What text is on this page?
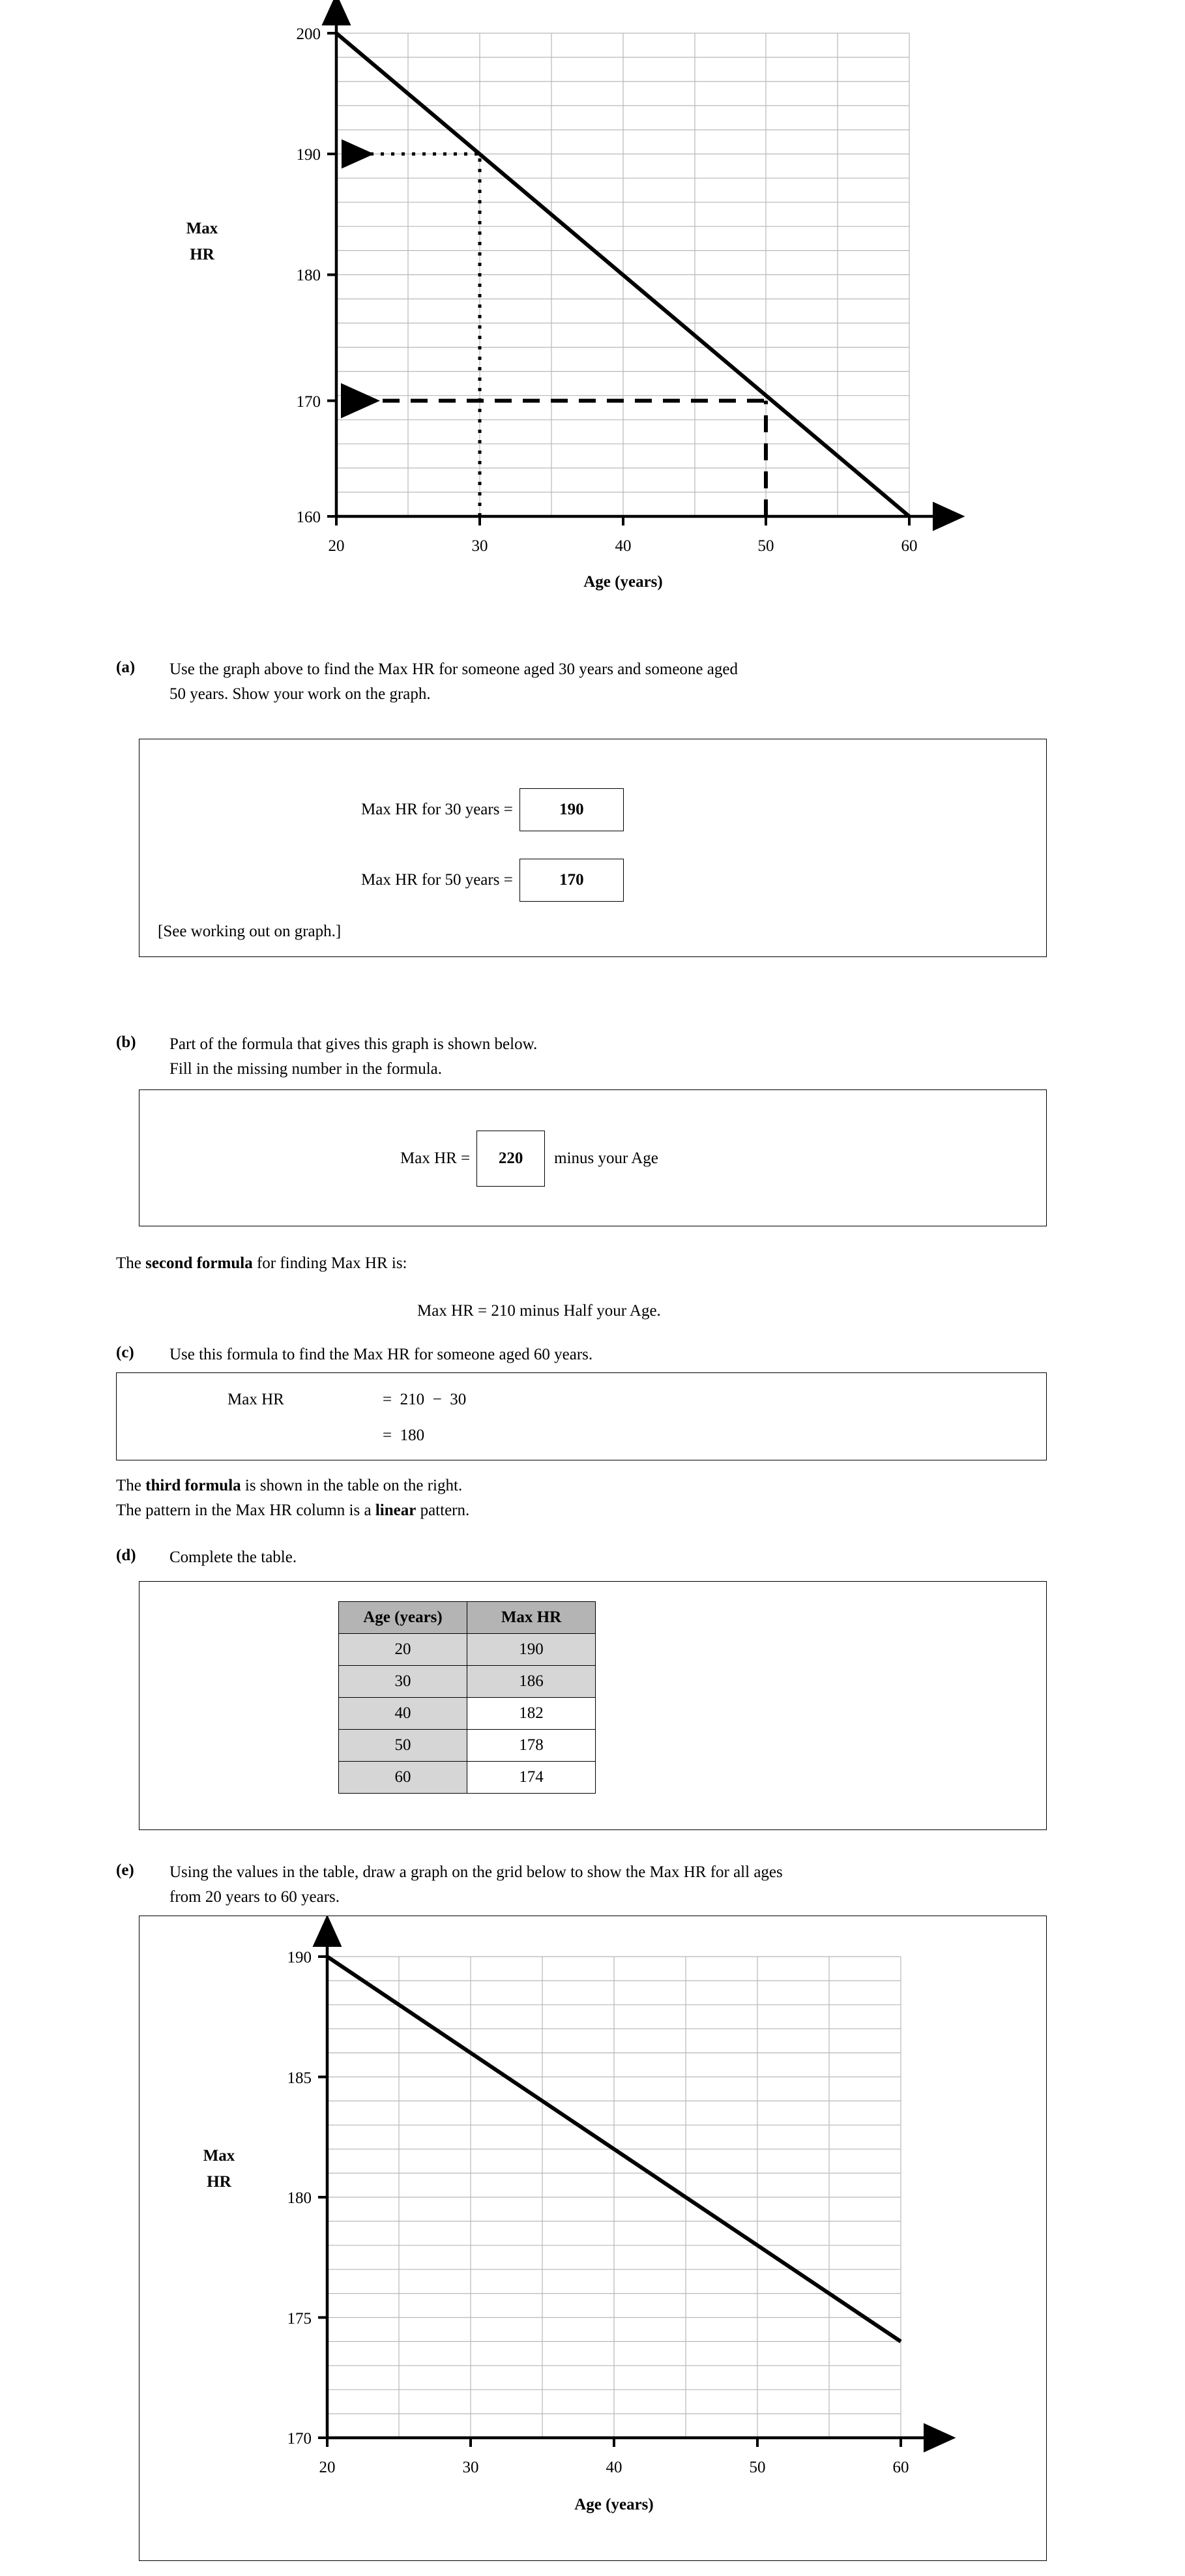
160
170
180
190
200
20	30	40	50	60
Max
HR
Age (years)
(a) Use the graph above to find the Max HR for someone aged 30 years and someone aged
50 years. Show your work on the graph.
Max HR for 30 years =	190
Max HR for 50 years =	170
[See working out on graph.]
(b) Part of the formula that gives this graph is shown below.
Fill in the missing number in the formula.
Max HR =	220	minus your Age
The second formula for finding Max HR is:
Max HR = 210 minus Half your Age.
(c) Use this formula to find the Max HR for someone aged 60 years.
Max HR	=  210  −  30
=  180
The third formula is shown in the table on the right.
The pattern in the Max HR column is a linear pattern.
(d) Complete the table.
Age (years)	Max HR
20	190
30	186
40	182
50	178
60	174
(e) Using the values in the table, draw a graph on the grid below to show the Max HR for all ages
from 20 years to 60 years.
170
175
180
185
190
20	30	40	50	60
Max
HR
Age (years)
